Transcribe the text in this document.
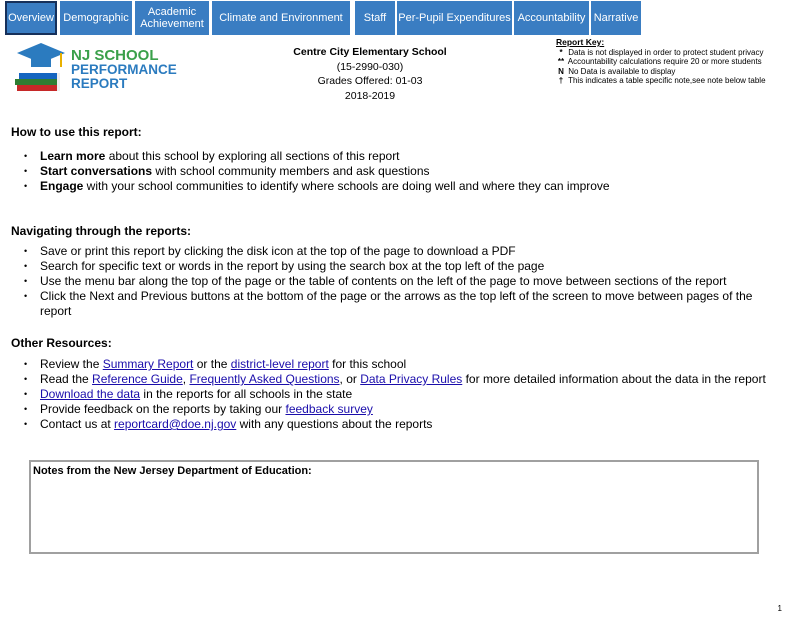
Overview Demographic	Academic Achievement	Climate and Environment	Staff	Per-Pupil Expenditures Accountability Narrative
NJ SCHOOL
PERFORMANCE
REPORT
Centre City Elementary School
(15-2990-030)
Grades Offered: 01-03
2018-2019
Report Key:
* Data is not displayed in order to protect student privacy
** Accountability calculations require 20 or more students
N No Data is available to display
† This indicates a table specific note,see note below table
How to use this report:
• Learn more about this school by exploring all sections of this report
• Start conversations with school community members and ask questions
• Engage with your school communities to identify where schools are doing well and where they can improve
Navigating through the reports:
• Save or print this report by clicking the disk icon at the top of the page to download a PDF
• Search for specific text or words in the report by using the search box at the top left of the page
• Use the menu bar along the top of the page or the table of contents on the left of the page to move between sections of the report
• Click the Next and Previous buttons at the bottom of the page or the arrows as the top left of the screen to move between pages of the report
Other Resources:
• Review the Summary Report or the district-level report for this school
• Read the Reference Guide, Frequently Asked Questions, or Data Privacy Rules for more detailed information about the data in the report
• Download the data in the reports for all schools in the state
• Provide feedback on the reports by taking our feedback survey
• Contact us at reportcard@doe.nj.gov with any questions about the reports
Notes from the New Jersey Department of Education:
1
